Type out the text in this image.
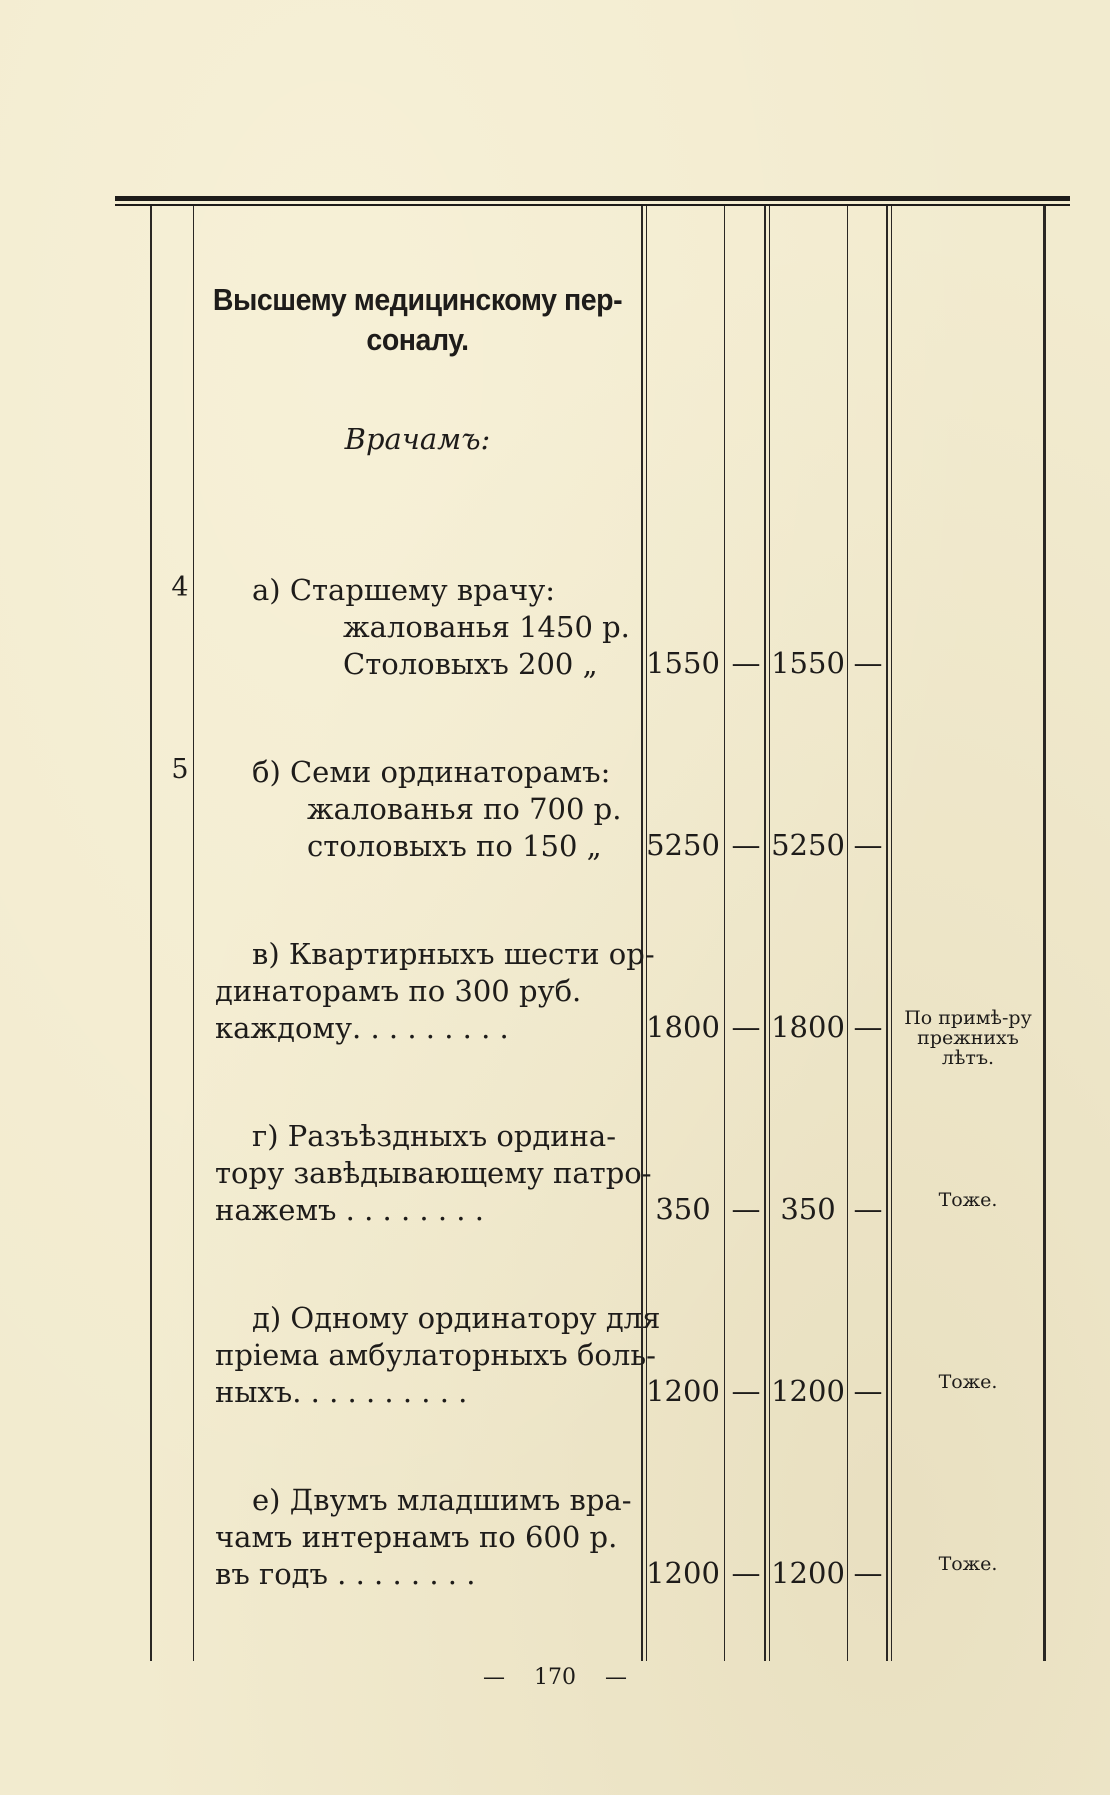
Высшему медицинскому пер-
соналу.
Врачамъ:
4	а) Старшему врачу:
жалованья 1450 р.
Столовыхъ 200 „	1550 — 1550 —
5	б) Семи ординаторамъ:
жалованья по 700 р.
столовыхъ по 150 „	5250 — 5250 —
в) Квартирныхъ шести ор-
динаторамъ по 300 руб.
каждому. . . . . . . . .	1800 — 1800 —	По примѣ-ру прежнихъ лѣтъ.
г) Разъѣздныхъ ордина-
тору завѣдывающему патро-
нажемъ . . . . . . . .	350 — 350 —	Тоже.
д) Одному ординатору для
пріема амбулаторныхъ боль-
ныхъ. . . . . . . . . .	1200 — 1200 —	Тоже.
е) Двумъ младшимъ вра-
чамъ интернамъ по 600 р.
въ годъ . . . . . . . .	1200 — 1200 —	Тоже.
— 170 —
